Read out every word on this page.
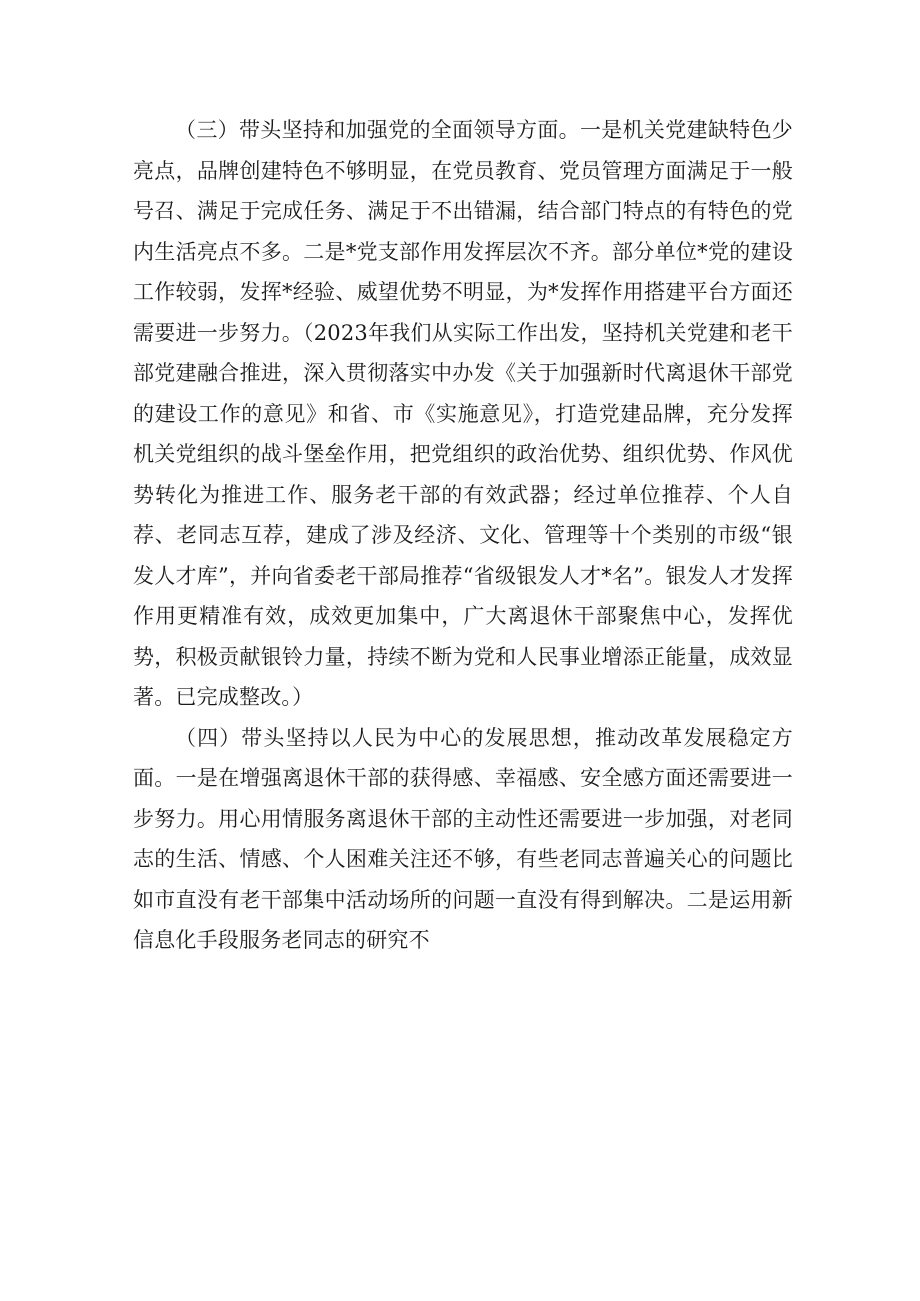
（三）带头坚持和加强党的全面领导方面。一是机关党建缺特色少亮点，品牌创建特色不够明显，在党员教育、党员管理方面满足于一般号召、满足于完成任务、满足于不出错漏，结合部门特点的有特色的党内生活亮点不多。二是*党支部作用发挥层次不齐。部分单位*党的建设工作较弱，发挥*经验、威望优势不明显，为*发挥作用搭建平台方面还需要进一步努力。（2023年我们从实际工作出发，坚持机关党建和老干部党建融合推进，深入贯彻落实中办发《关于加强新时代离退休干部党的建设工作的意见》和省、市《实施意见》，打造党建品牌，充分发挥机关党组织的战斗堡垒作用，把党组织的政治优势、组织优势、作风优势转化为推进工作、服务老干部的有效武器；经过单位推荐、个人自荐、老同志互荐，建成了涉及经济、文化、管理等十个类别的市级“银发人才库”，并向省委老干部局推荐“省级银发人才*名”。银发人才发挥作用更精准有效，成效更加集中，广大离退休干部聚焦中心，发挥优势，积极贡献银铃力量，持续不断为党和人民事业增添正能量，成效显著。已完成整改。）

（四）带头坚持以人民为中心的发展思想，推动改革发展稳定方面。一是在增强离退休干部的获得感、幸福感、安全感方面还需要进一步努力。用心用情服务离退休干部的主动性还需要进一步加强，对老同志的生活、情感、个人困难关注还不够，有些老同志普遍关心的问题比如市直没有老干部集中活动场所的问题一直没有得到解决。二是运用新信息化手段服务老同志的研究不
